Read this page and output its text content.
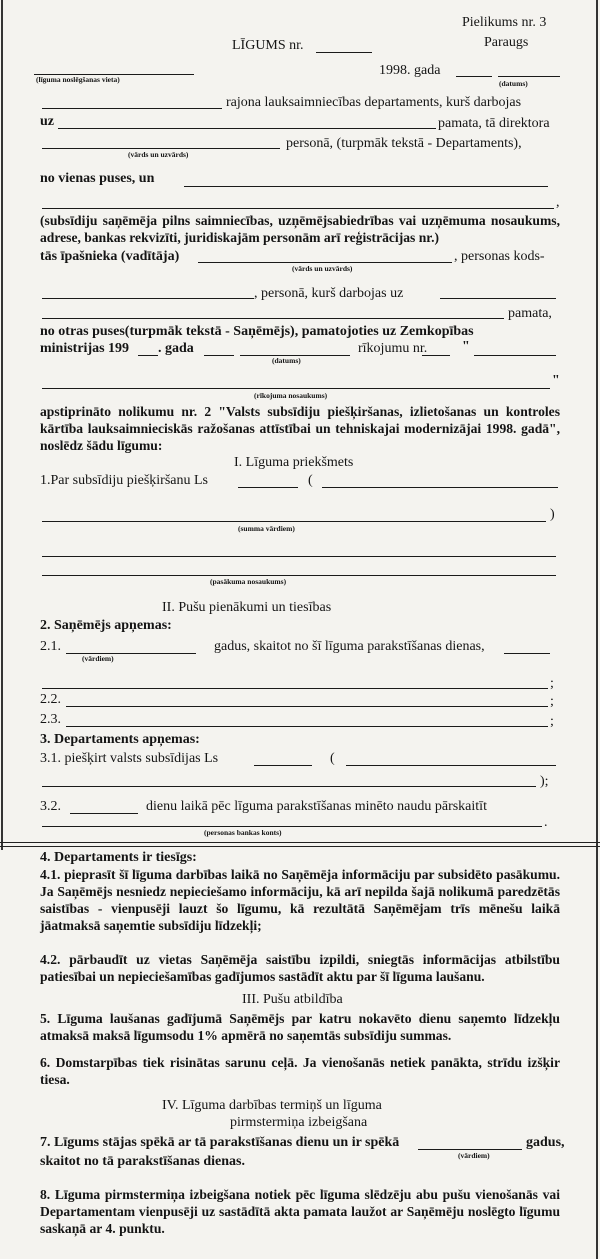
Pielikums nr. 3
Paraugs
LĪGUMS nr.
(līguma noslēgšanas vieta)
1998. gada
(datums)
rajona lauksaimniecības departaments, kurš darbojas
uz	pamata, tā direktora
(vārds un uzvārds)
personā, (turpmāk tekstā - Departaments),
no vienas puses, un
,
(subsīdiju saņēmēja pilns saimniecības, uzņēmējsabiedrības vai uzņēmuma nosaukums, adrese, bankas rekvizīti, juridiskajām personām arī reģistrācijas nr.)
tās īpašnieka (vadītāja)
(vārds un uzvārds)
, personas kods-
, personā, kurš darbojas uz
pamata,
no otras puses(turpmāk tekstā - Saņēmējs), pamatojoties uz Zemkopības
ministrijas 199 . gada
(datums)
rīkojumu nr. "
"
(rīkojuma nosaukums)
apstiprināto nolikumu nr. 2 "Valsts subsīdiju piešķiršanas, izlietošanas un kontroles kārtība lauksaimnieciskās ražošanas attīstībai un tehniskajai modernizājai 1998. gadā", noslēdz šādu līgumu:
I. Līguma priekšmets
1.Par subsīdiju piešķiršanu Ls	(
)
(summa vārdiem)
(pasākuma nosaukums)
II. Pušu pienākumi un tiesības
2. Saņēmējs apņemas:
2.1.
(vārdiem)
gadus, skaitot no šī līguma parakstīšanas dienas,
;
2.2.	;
2.3.	;
3. Departaments apņemas:
3.1. piešķirt valsts subsīdijas Ls	(
);
3.2.	dienu laikā pēc līguma parakstīšanas minēto naudu pārskaitīt
.
(personas bankas konts)
4. Departaments ir tiesīgs:
4.1. pieprasīt šī līguma darbības laikā no Saņēmēja informāciju par subsidēto pasākumu. Ja Saņēmējs nesniedz nepieciešamo informāciju, kā arī nepilda šajā nolikumā paredzētās saistības - vienpusēji lauzt šo līgumu, kā rezultātā Saņēmējam trīs mēnešu laikā jāatmaksā saņemtie subsīdiju līdzekļi;
4.2. pārbaudīt uz vietas Saņēmēja saistību izpildi, sniegtās informācijas atbilstību patiesībai un nepieciešamības gadījumos sastādīt aktu par šī līguma laušanu.
III. Pušu atbildība
5. Līguma laušanas gadījumā Saņēmējs par katru nokavēto dienu saņemto līdzekļu atmaksā maksā līgumsodu 1% apmērā no saņemtās subsīdiju summas.
6. Domstarpības tiek risinātas sarunu ceļā. Ja vienošanās netiek panākta, strīdu izšķir tiesa.
IV. Līguma darbības termiņš un līguma
pirmstermiņa izbeigšana
7. Līgums stājas spēkā ar tā parakstīšanas dienu un ir spēkā
(vārdiem)
gadus,
skaitot no tā parakstīšanas dienas.
8. Līguma pirmstermiņa izbeigšana notiek pēc līguma slēdzēju abu pušu vienošanās vai Departamentam vienpusēji uz sastādītā akta pamata laužot ar Saņēmēju noslēgto līgumu saskaņā ar 4. punktu.
